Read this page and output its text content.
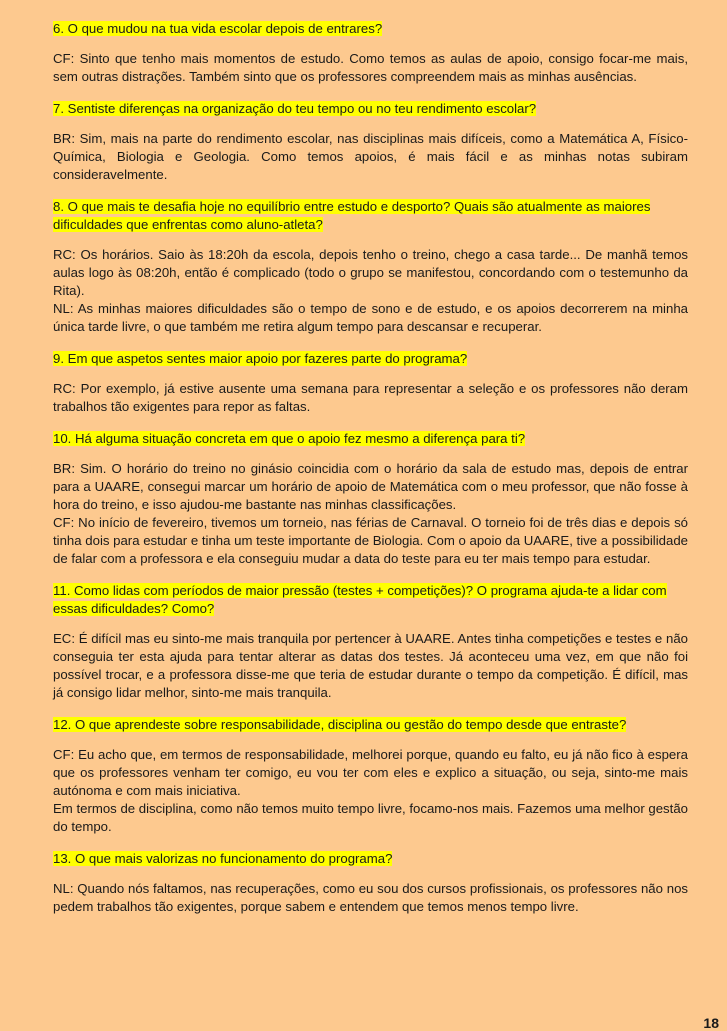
6. O que mudou na tua vida escolar depois de entrares?

CF: Sinto que tenho mais momentos de estudo. Como temos as aulas de apoio, consigo focar-me mais, sem outras distrações. Também sinto que os professores compreendem mais as minhas ausências.

7. Sentiste diferenças na organização do teu tempo ou no teu rendimento escolar?

BR: Sim, mais na parte do rendimento escolar, nas disciplinas mais difíceis, como a Matemática A, Físico-Química, Biologia e Geologia. Como temos apoios, é mais fácil e as minhas notas subiram consideravelmente.

8. O que mais te desafia hoje no equilíbrio entre estudo e desporto? Quais são atualmente as maiores dificuldades que enfrentas como aluno-atleta?

RC: Os horários. Saio às 18:20h da escola, depois tenho o treino, chego a casa tarde... De manhã temos aulas logo às 08:20h, então é complicado (todo o grupo se manifestou, concordando com o testemunho da Rita).

NL: As minhas maiores dificuldades são o tempo de sono e de estudo, e os apoios decorrerem na minha única tarde livre, o que também me retira algum tempo para descansar e recuperar.

9. Em que aspetos sentes maior apoio por fazeres parte do programa?

RC: Por exemplo, já estive ausente uma semana para representar a seleção e os professores não deram trabalhos tão exigentes para repor as faltas.

10. Há alguma situação concreta em que o apoio fez mesmo a diferença para ti?

BR: Sim. O horário do treino no ginásio coincidia com o horário da sala de estudo mas, depois de entrar para a UAARE, consegui marcar um horário de apoio de Matemática com o meu professor, que não fosse à hora do treino, e isso ajudou-me bastante nas minhas classificações.

CF: No início de fevereiro, tivemos um torneio, nas férias de Carnaval. O torneio foi de três dias e depois só tinha dois para estudar e tinha um teste importante de Biologia. Com o apoio da UAARE, tive a possibilidade de falar com a professora e ela conseguiu mudar a data do teste para eu ter mais tempo para estudar.

11. Como lidas com períodos de maior pressão (testes + competições)? O programa ajuda-te a lidar com essas dificuldades? Como?

EC: É difícil mas eu sinto-me mais tranquila por pertencer à UAARE. Antes tinha competições e testes e não conseguia ter esta ajuda para tentar alterar as datas dos testes. Já aconteceu uma vez, em que não foi possível trocar, e a professora disse-me que teria de estudar durante o tempo da competição. É difícil, mas já consigo lidar melhor, sinto-me mais tranquila.

12. O que aprendeste sobre responsabilidade, disciplina ou gestão do tempo desde que entraste?

CF: Eu acho que, em termos de responsabilidade, melhorei porque, quando eu falto, eu já não fico à espera que os professores venham ter comigo, eu vou ter com eles e explico a situação, ou seja, sinto-me mais autónoma e com mais iniciativa.

Em termos de disciplina, como não temos muito tempo livre, focamo-nos mais. Fazemos uma melhor gestão do tempo.

13. O que mais valorizas no funcionamento do programa?

NL: Quando nós faltamos, nas recuperações, como eu sou dos cursos profissionais, os professores não nos pedem trabalhos tão exigentes, porque sabem e entendem que temos menos tempo livre.

18
